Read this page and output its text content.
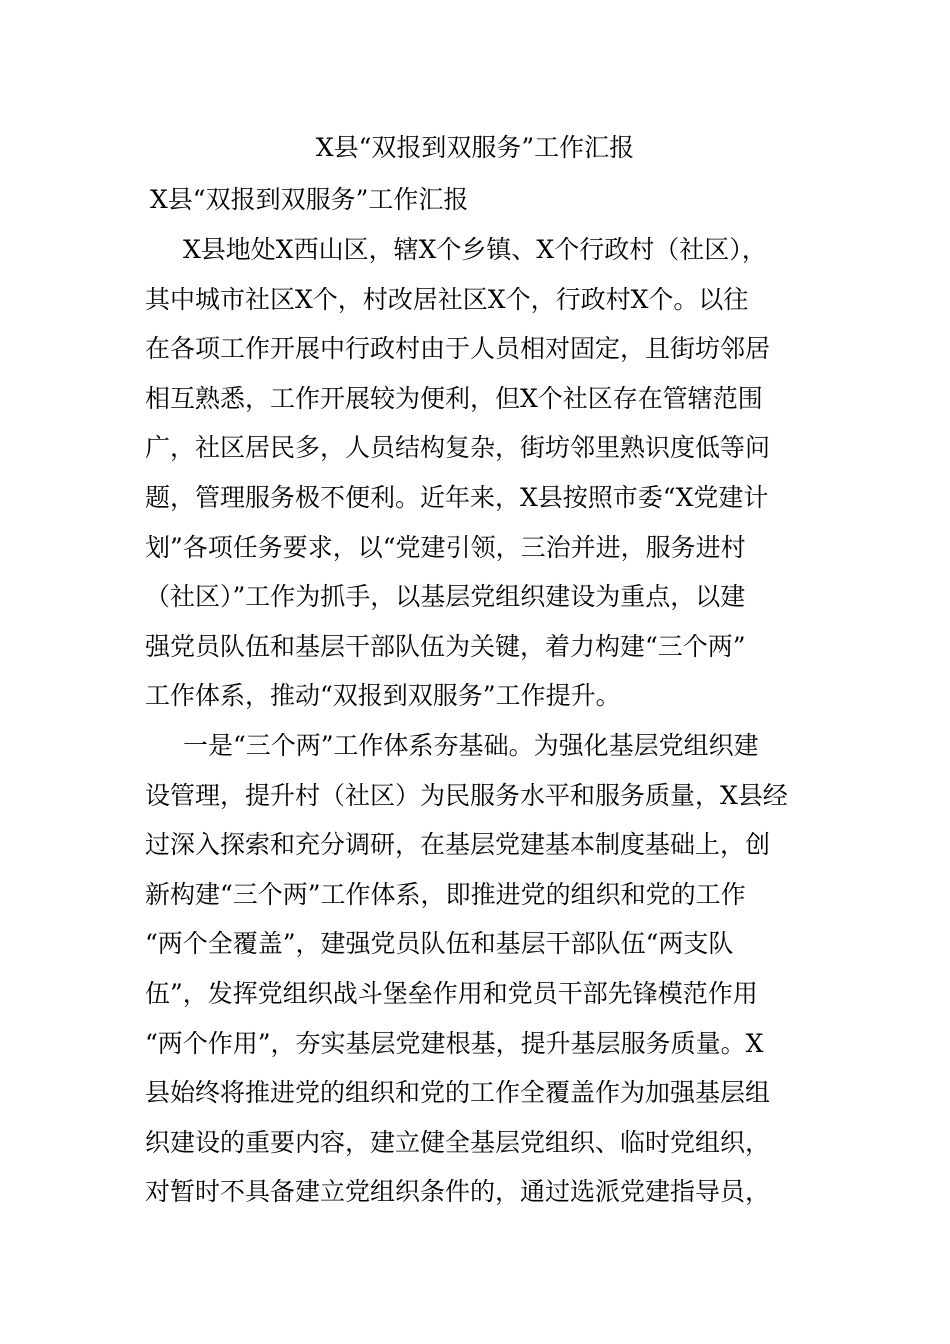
X县“双报到双服务”工作汇报
X县“双报到双服务”工作汇报
X县地处X西山区，辖X个乡镇、X个行政村（社区），
其中城市社区X个，村改居社区X个，行政村X个。以往
在各项工作开展中行政村由于人员相对固定，且街坊邻居
相互熟悉，工作开展较为便利，但X个社区存在管辖范围
广，社区居民多，人员结构复杂，街坊邻里熟识度低等问
题，管理服务极不便利。近年来，X县按照市委“X党建计
划”各项任务要求，以“党建引领，三治并进，服务进村
（社区）”工作为抓手，以基层党组织建设为重点，以建
强党员队伍和基层干部队伍为关键，着力构建“三个两”
工作体系，推动“双报到双服务”工作提升。
一是“三个两”工作体系夯基础。为强化基层党组织建
设管理，提升村（社区）为民服务水平和服务质量，X县经
过深入探索和充分调研，在基层党建基本制度基础上，创
新构建“三个两”工作体系，即推进党的组织和党的工作
“两个全覆盖”，建强党员队伍和基层干部队伍“两支队
伍”，发挥党组织战斗堡垒作用和党员干部先锋模范作用
“两个作用”，夯实基层党建根基，提升基层服务质量。X
县始终将推进党的组织和党的工作全覆盖作为加强基层组
织建设的重要内容，建立健全基层党组织、临时党组织，
对暂时不具备建立党组织条件的，通过选派党建指导员，
